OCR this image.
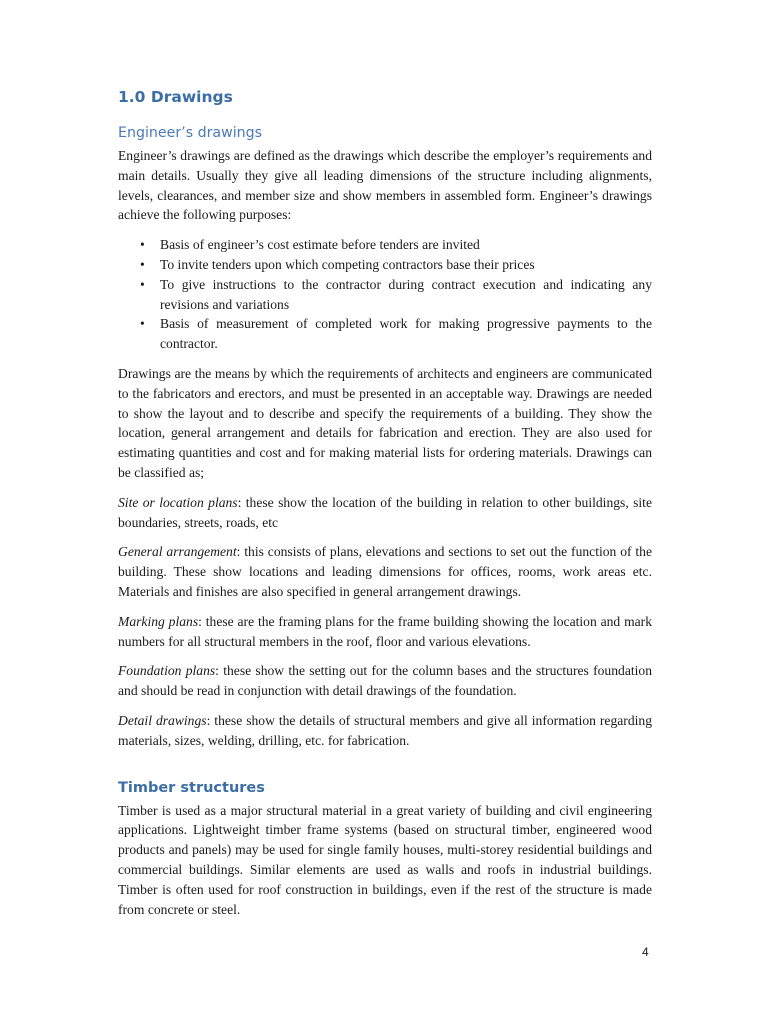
1.0 Drawings
Engineer’s drawings

Engineer’s drawings are defined as the drawings which describe the employer’s requirements and main details. Usually they give all leading dimensions of the structure including alignments, levels, clearances, and member size and show members in assembled form. Engineer’s drawings achieve the following purposes:

• Basis of engineer’s cost estimate before tenders are invited
• To invite tenders upon which competing contractors base their prices
• To give instructions to the contractor during contract execution and indicating any revisions and variations
• Basis of measurement of completed work for making progressive payments to the contractor.

Drawings are the means by which the requirements of architects and engineers are communicated to the fabricators and erectors, and must be presented in an acceptable way. Drawings are needed to show the layout and to describe and specify the requirements of a building. They show the location, general arrangement and details for fabrication and erection. They are also used for estimating quantities and cost and for making material lists for ordering materials. Drawings can be classified as;

Site or location plans: these show the location of the building in relation to other buildings, site boundaries, streets, roads, etc

General arrangement: this consists of plans, elevations and sections to set out the function of the building. These show locations and leading dimensions for offices, rooms, work areas etc. Materials and finishes are also specified in general arrangement drawings.

Marking plans: these are the framing plans for the frame building showing the location and mark numbers for all structural members in the roof, floor and various elevations.

Foundation plans: these show the setting out for the column bases and the structures foundation and should be read in conjunction with detail drawings of the foundation.

Detail drawings: these show the details of structural members and give all information regarding materials, sizes, welding, drilling, etc. for fabrication.

Timber structures

Timber is used as a major structural material in a great variety of building and civil engineering applications. Lightweight timber frame systems (based on structural timber, engineered wood products and panels) may be used for single family houses, multi-storey residential buildings and commercial buildings. Similar elements are used as walls and roofs in industrial buildings. Timber is often used for roof construction in buildings, even if the rest of the structure is made from concrete or steel.

4
